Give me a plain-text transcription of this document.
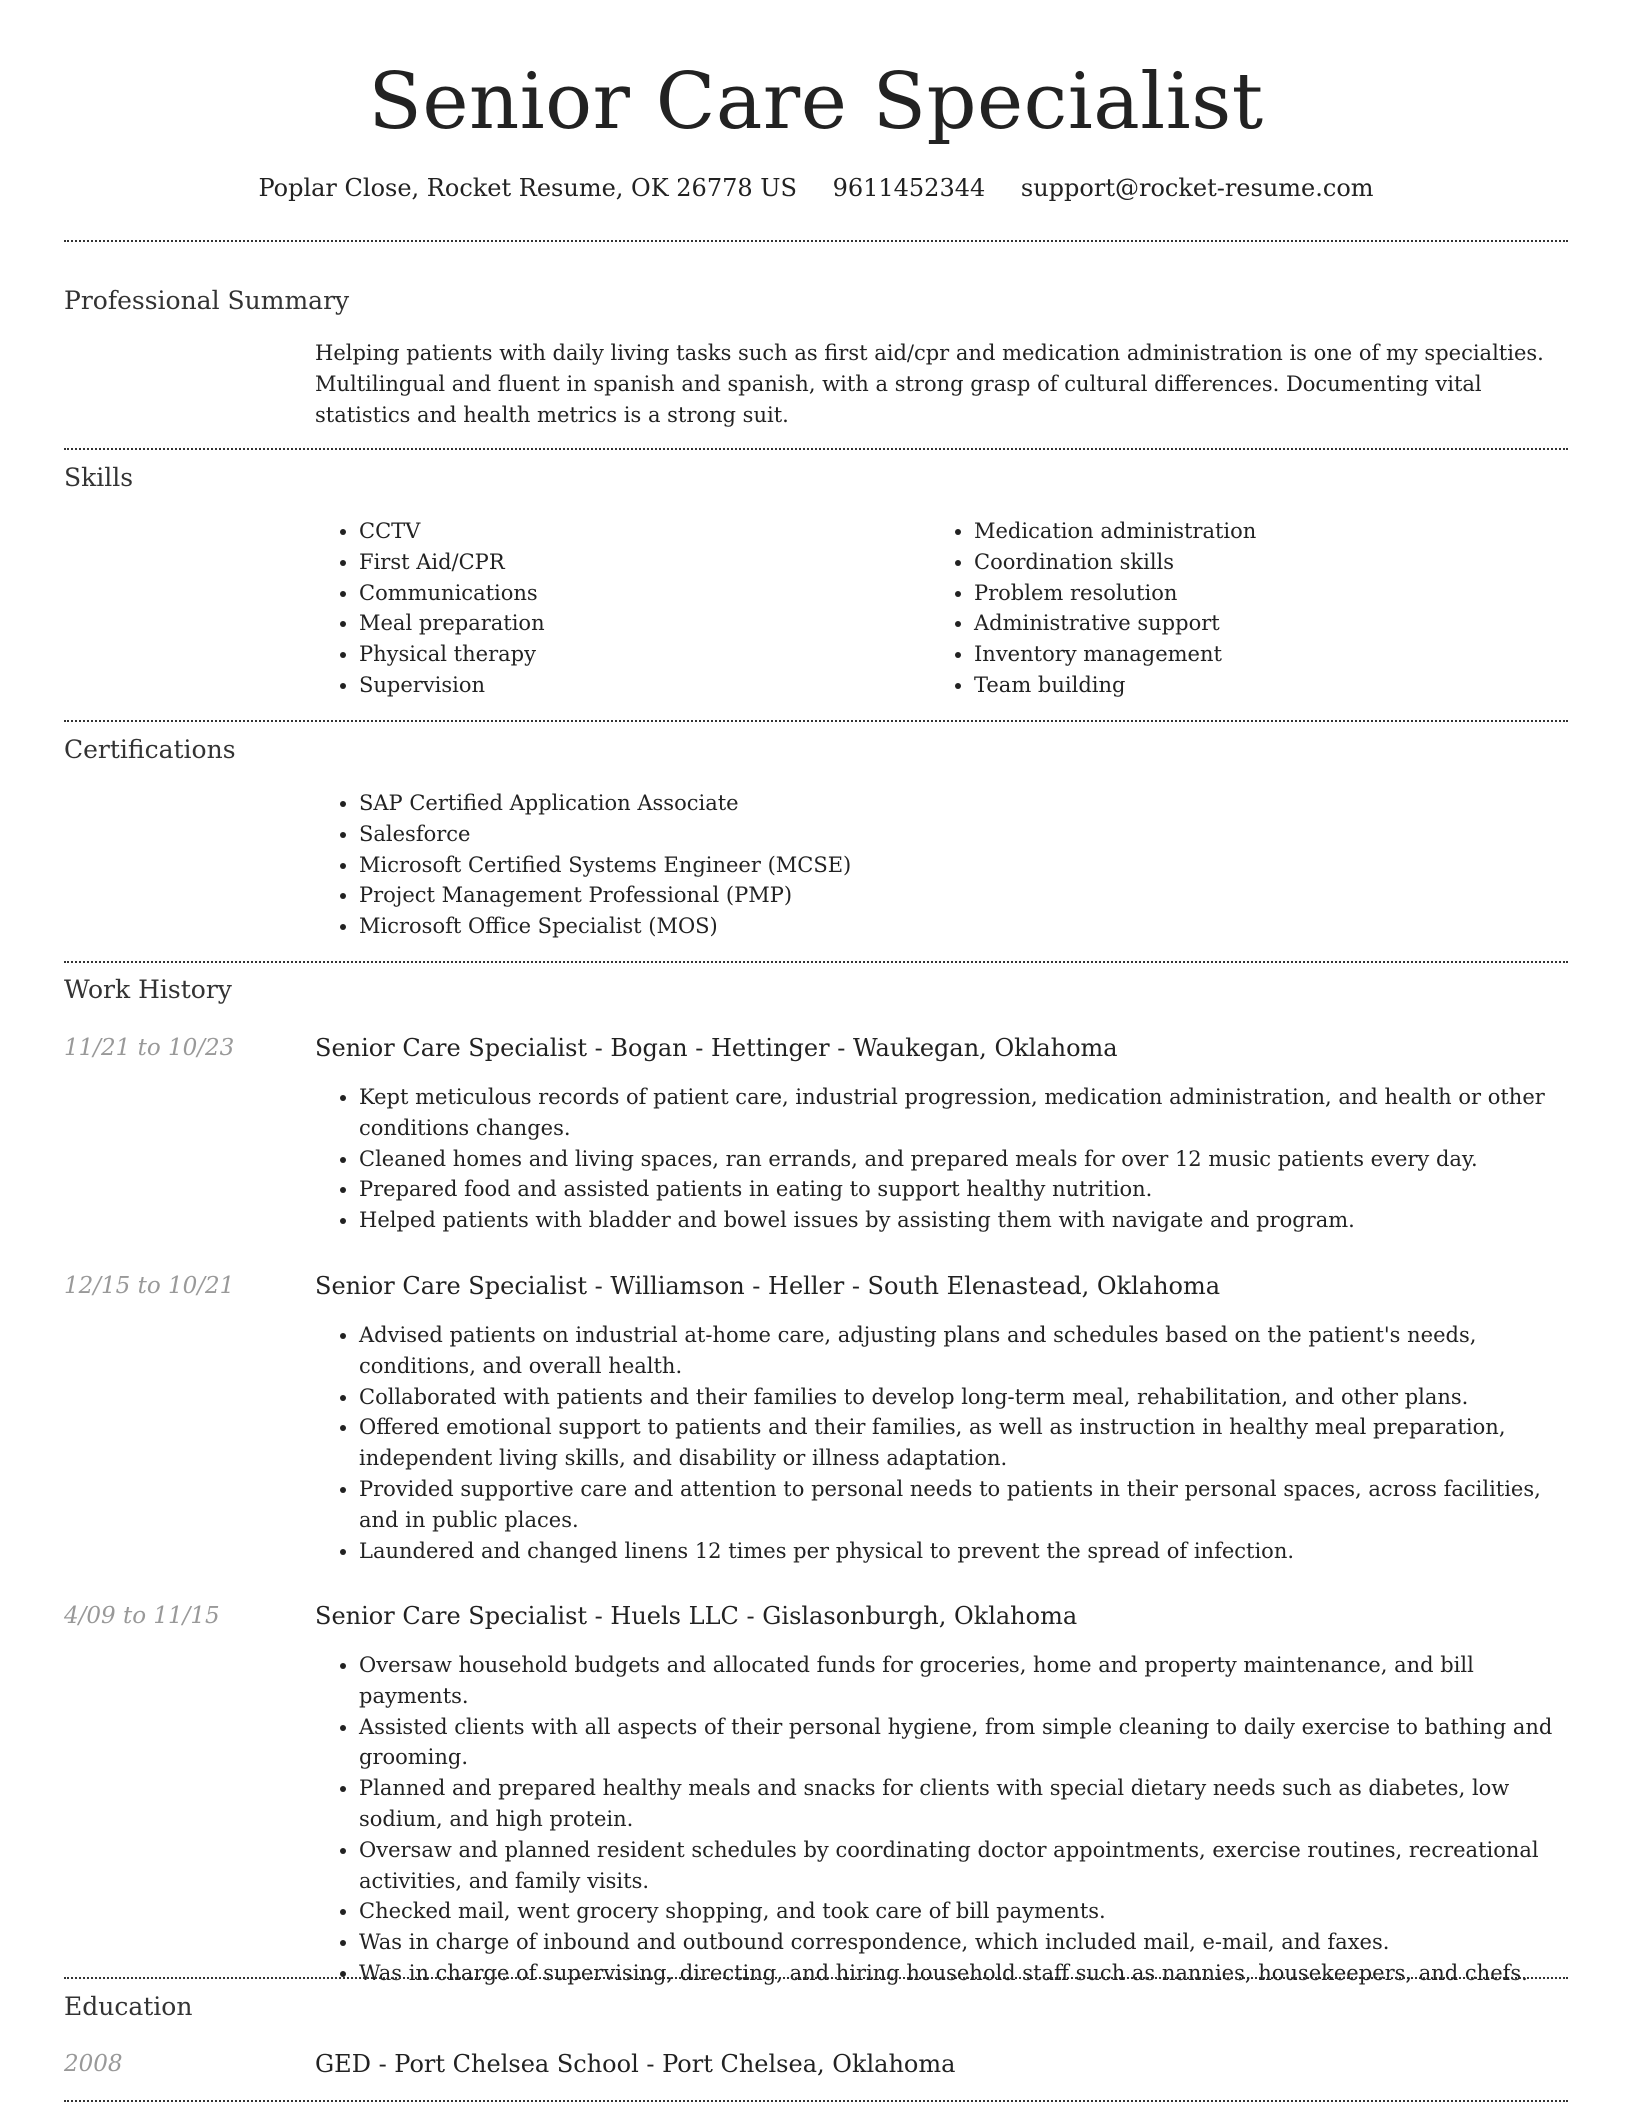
Senior Care Specialist
Poplar Close, Rocket Resume, OK 26778 US 9611452344 support@rocket-resume.com
Professional Summary
Helping patients with daily living tasks such as first aid/cpr and medication administration is one of my specialties. Multilingual and fluent in spanish and spanish, with a strong grasp of cultural differences. Documenting vital statistics and health metrics is a strong suit.
Skills
• CCTV
• First Aid/CPR
• Communications
• Meal preparation
• Physical therapy
• Supervision
• Medication administration
• Coordination skills
• Problem resolution
• Administrative support
• Inventory management
• Team building
Certifications
• SAP Certified Application Associate
• Salesforce
• Microsoft Certified Systems Engineer (MCSE)
• Project Management Professional (PMP)
• Microsoft Office Specialist (MOS)
Work History
11/21 to 10/23	Senior Care Specialist - Bogan - Hettinger - Waukegan, Oklahoma
• Kept meticulous records of patient care, industrial progression, medication administration, and health or other conditions changes.
• Cleaned homes and living spaces, ran errands, and prepared meals for over 12 music patients every day.
• Prepared food and assisted patients in eating to support healthy nutrition.
• Helped patients with bladder and bowel issues by assisting them with navigate and program.
12/15 to 10/21	Senior Care Specialist - Williamson - Heller - South Elenastead, Oklahoma
• Advised patients on industrial at-home care, adjusting plans and schedules based on the patient's needs, conditions, and overall health.
• Collaborated with patients and their families to develop long-term meal, rehabilitation, and other plans.
• Offered emotional support to patients and their families, as well as instruction in healthy meal preparation, independent living skills, and disability or illness adaptation.
• Provided supportive care and attention to personal needs to patients in their personal spaces, across facilities, and in public places.
• Laundered and changed linens 12 times per physical to prevent the spread of infection.
4/09 to 11/15	Senior Care Specialist - Huels LLC - Gislasonburgh, Oklahoma
• Oversaw household budgets and allocated funds for groceries, home and property maintenance, and bill payments.
• Assisted clients with all aspects of their personal hygiene, from simple cleaning to daily exercise to bathing and grooming.
• Planned and prepared healthy meals and snacks for clients with special dietary needs such as diabetes, low sodium, and high protein.
• Oversaw and planned resident schedules by coordinating doctor appointments, exercise routines, recreational activities, and family visits.
• Checked mail, went grocery shopping, and took care of bill payments.
• Was in charge of inbound and outbound correspondence, which included mail, e-mail, and faxes.
• Was in charge of supervising, directing, and hiring household staff such as nannies, housekeepers, and chefs.
Education
2008	GED - Port Chelsea School - Port Chelsea, Oklahoma
